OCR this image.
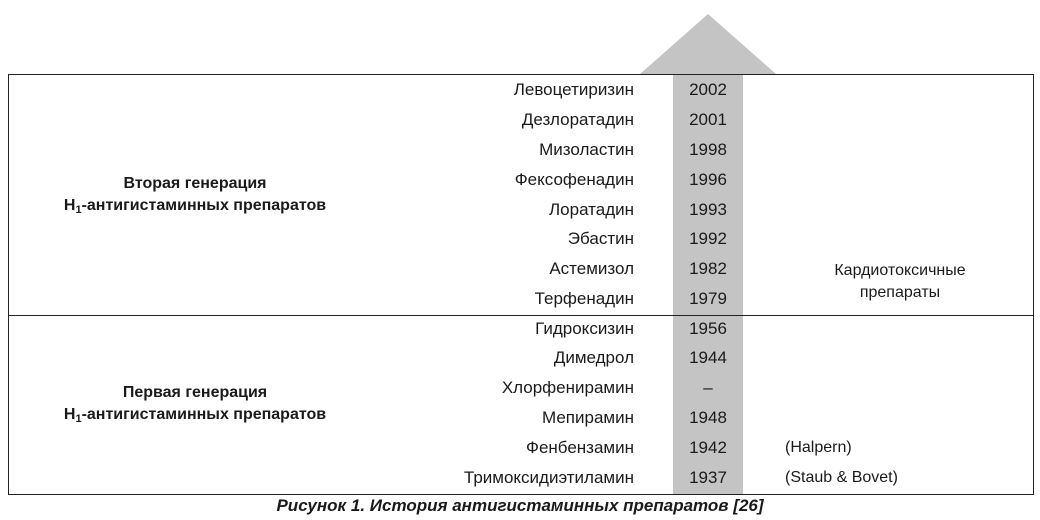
Вторая генерация
$H_1$-антигистаминных препаратов
Первая генерация
$H_1$-антигистаминных препаратов
Левоцетиризин	2002
Дезлоратадин	2001
Мизоластин	1998
Фексофенадин	1996
Лоратадин	1993
Эбастин	1992
Астемизол	1982
Терфенадин	1979
Гидроксизин	1956
Димедрол	1944
Хлорфенирамин	–
Мепирамин	1948
Фенбензамин	1942	(Halpern)
Тримоксидиэтиламин	1937	(Staub & Bovet)
Кардиотоксичные
препараты
Рисунок 1. История антигистаминных препаратов [26]
